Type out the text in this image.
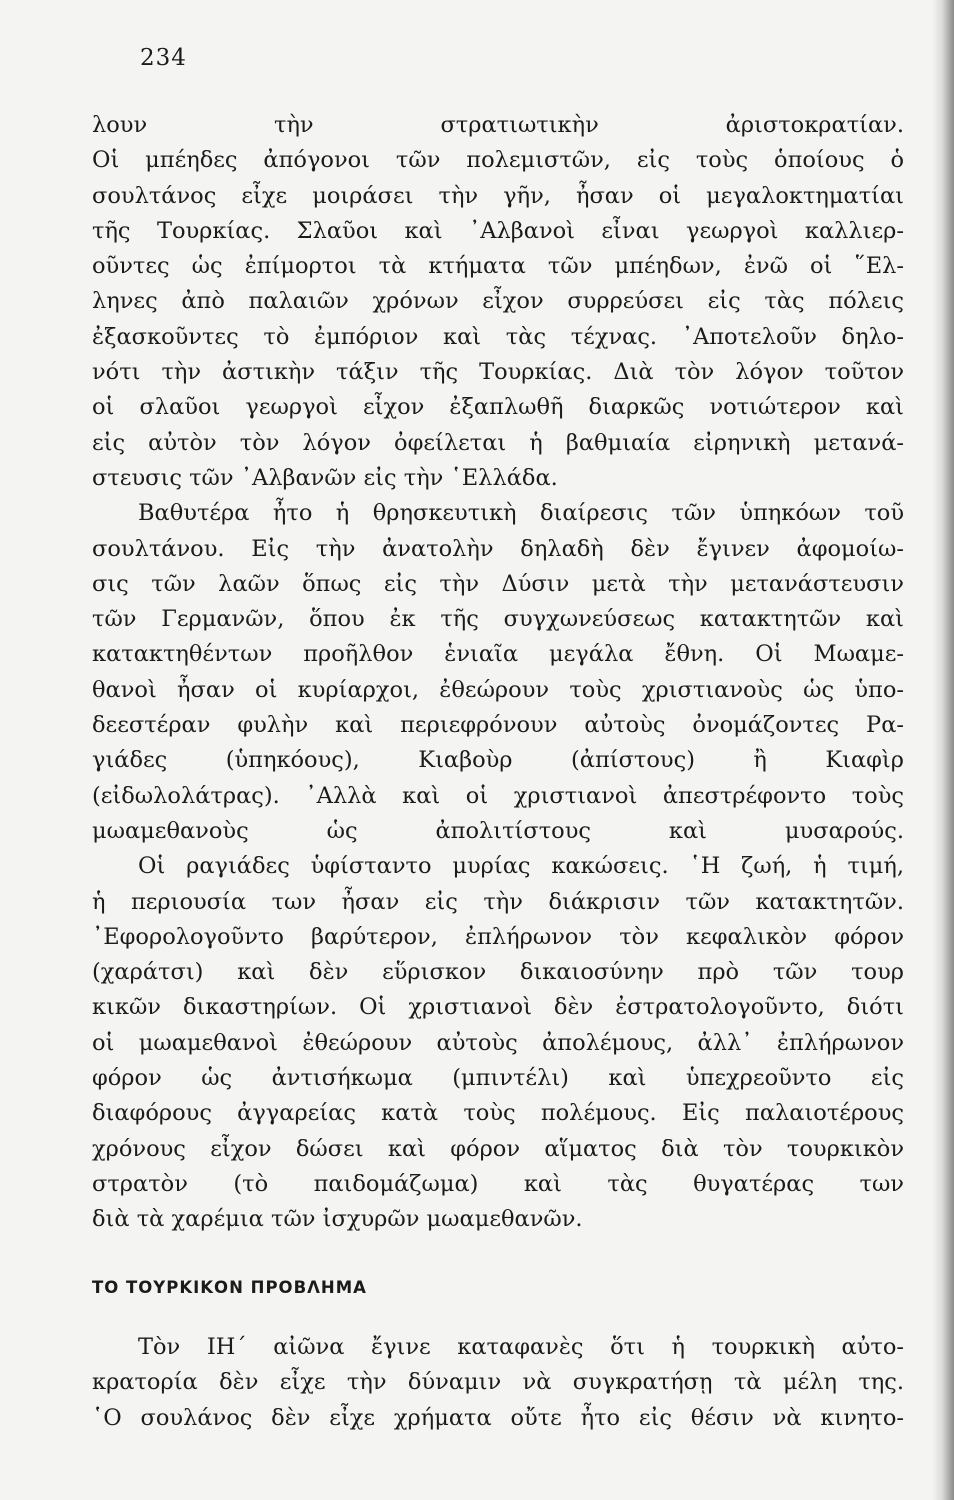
234
λουν τὴν στρατιωτικὴν ἀριστοκρατίαν.
Οἱ μπέηδες ἀπόγονοι τῶν πολεμιστῶν, εἰς τοὺς ὁποίους ὁ
σουλτάνος εἶχε μοιράσει τὴν γῆν, ἦσαν οἱ μεγαλοκτηματίαι
τῆς Τουρκίας. Σλαῦοι καὶ ᾿Αλβανοὶ εἶναι γεωργοὶ καλλιερ-
οῦντες ὡς ἐπίμορτοι τὰ κτήματα τῶν μπέηδων, ἐνῶ οἱ ῞Ελ-
ληνες ἀπὸ παλαιῶν χρόνων εἶχον συρρεύσει εἰς τὰς πόλεις
ἐξασκοῦντες τὸ ἐμπόριον καὶ τὰς τέχνας. ᾿Αποτελοῦν δηλο-
νότι τὴν ἀστικὴν τάξιν τῆς Τουρκίας. Διὰ τὸν λόγον τοῦτον
οἱ σλαῦοι γεωργοὶ εἶχον ἐξαπλωθῆ διαρκῶς νοτιώτερον καὶ
εἰς αὐτὸν τὸν λόγον ὀφείλεται ἡ βαθμιαία εἰρηνικὴ μετανά-
στευσις τῶν ᾿Αλβανῶν εἰς τὴν ῾Ελλάδα.
Βαθυτέρα ἦτο ἡ θρησκευτικὴ διαίρεσις τῶν ὑπηκόων τοῦ
σουλτάνου. Εἰς τὴν ἀνατολὴν δηλαδὴ δὲν ἔγινεν ἀφομοίω-
σις τῶν λαῶν ὅπως εἰς τὴν Δύσιν μετὰ τὴν μετανάστευσιν
τῶν Γερμανῶν, ὅπου ἐκ τῆς συγχωνεύσεως κατακτητῶν καὶ
κατακτηθέντων προῆλθον ἑνιαῖα μεγάλα ἔθνη. Οἱ Μωαμε-
θανοὶ ἦσαν οἱ κυρίαρχοι, ἐθεώρουν τοὺς χριστιανοὺς ὡς ὑπο-
δεεστέραν φυλὴν καὶ περιεφρόνουν αὐτοὺς ὀνομάζοντες Ρα-
γιάδες (ὑπηκόους), Κιαβοὺρ (ἀπίστους) ἢ Κιαφὶρ
(εἰδωλολάτρας). ᾿Αλλὰ καὶ οἱ χριστιανοὶ ἀπεστρέφοντο τοὺς
μωαμεθανοὺς ὡς ἀπολιτίστους καὶ μυσαρούς.
Οἱ ραγιάδες ὑφίσταντο μυρίας κακώσεις. ῾Η ζωή, ἡ τιμή,
ἡ περιουσία των ἦσαν εἰς τὴν διάκρισιν τῶν κατακτητῶν.
᾿Εφορολογοῦντο βαρύτερον, ἐπλήρωνον τὸν κεφαλικὸν φόρον
(χαράτσι) καὶ δὲν εὕρισκον δικαιοσύνην πρὸ τῶν τουρ
κικῶν δικαστηρίων. Οἱ χριστιανοὶ δὲν ἐστρατολογοῦντο, διότι
οἱ μωαμεθανοὶ ἐθεώρουν αὐτοὺς ἀπολέμους, ἀλλ᾿ ἐπλήρωνον
φόρον ὡς ἀντισήκωμα (μπιντέλι) καὶ ὑπεχρεοῦντο εἰς
διαφόρους ἀγγαρείας κατὰ τοὺς πολέμους. Εἰς παλαιοτέρους
χρόνους εἶχον δώσει καὶ φόρον αἵματος διὰ τὸν τουρκικὸν
στρατὸν (τὸ παιδομάζωμα) καὶ τὰς θυγατέρας των
διὰ τὰ χαρέμια τῶν ἰσχυρῶν μωαμεθανῶν.
ΤΟ ΤΟΥΡΚΙΚΟΝ ΠΡΟΒΛΗΜΑ
Τὸν ΙΗ΄ αἰῶνα ἔγινε καταφανὲς ὅτι ἡ τουρκικὴ αὐτο-
κρατορία δὲν εἶχε τὴν δύναμιν νὰ συγκρατήσῃ τὰ μέλη της.
῾Ο σουλάνος δὲν εἶχε χρήματα οὔτε ἦτο εἰς θέσιν νὰ κινητο-
